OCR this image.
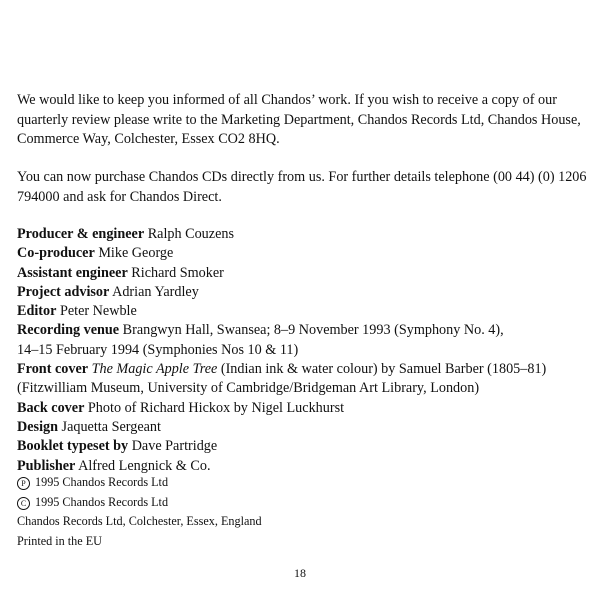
We would like to keep you informed of all Chandos’ work. If you wish to receive a copy of our quarterly review please write to the Marketing Department, Chandos Records Ltd, Chandos House, Commerce Way, Colchester, Essex CO2 8HQ.

You can now purchase Chandos CDs directly from us. For further details telephone (00 44) (0) 1206 794000 and ask for Chandos Direct.

Producer & engineer Ralph Couzens

Co-producer Mike George

Assistant engineer Richard Smoker

Project advisor Adrian Yardley

Editor Peter Newble

Recording venue Brangwyn Hall, Swansea; 8–9 November 1993 (Symphony No. 4),

14–15 February 1994 (Symphonies Nos 10 & 11)

Front cover The Magic Apple Tree (Indian ink & water colour) by Samuel Barber (1805–81)

(Fitzwilliam Museum, University of Cambridge/Bridgeman Art Library, London)

Back cover Photo of Richard Hickox by Nigel Luckhurst

Design Jaquetta Sergeant

Booklet typeset byDave Partridge

Publisher Alfred Lengnick & Co.

P 1995 Chandos Records Ltd

C 1995 Chandos Records Ltd

Chandos Records Ltd, Colchester, Essex, England

Printed in the EU

18
